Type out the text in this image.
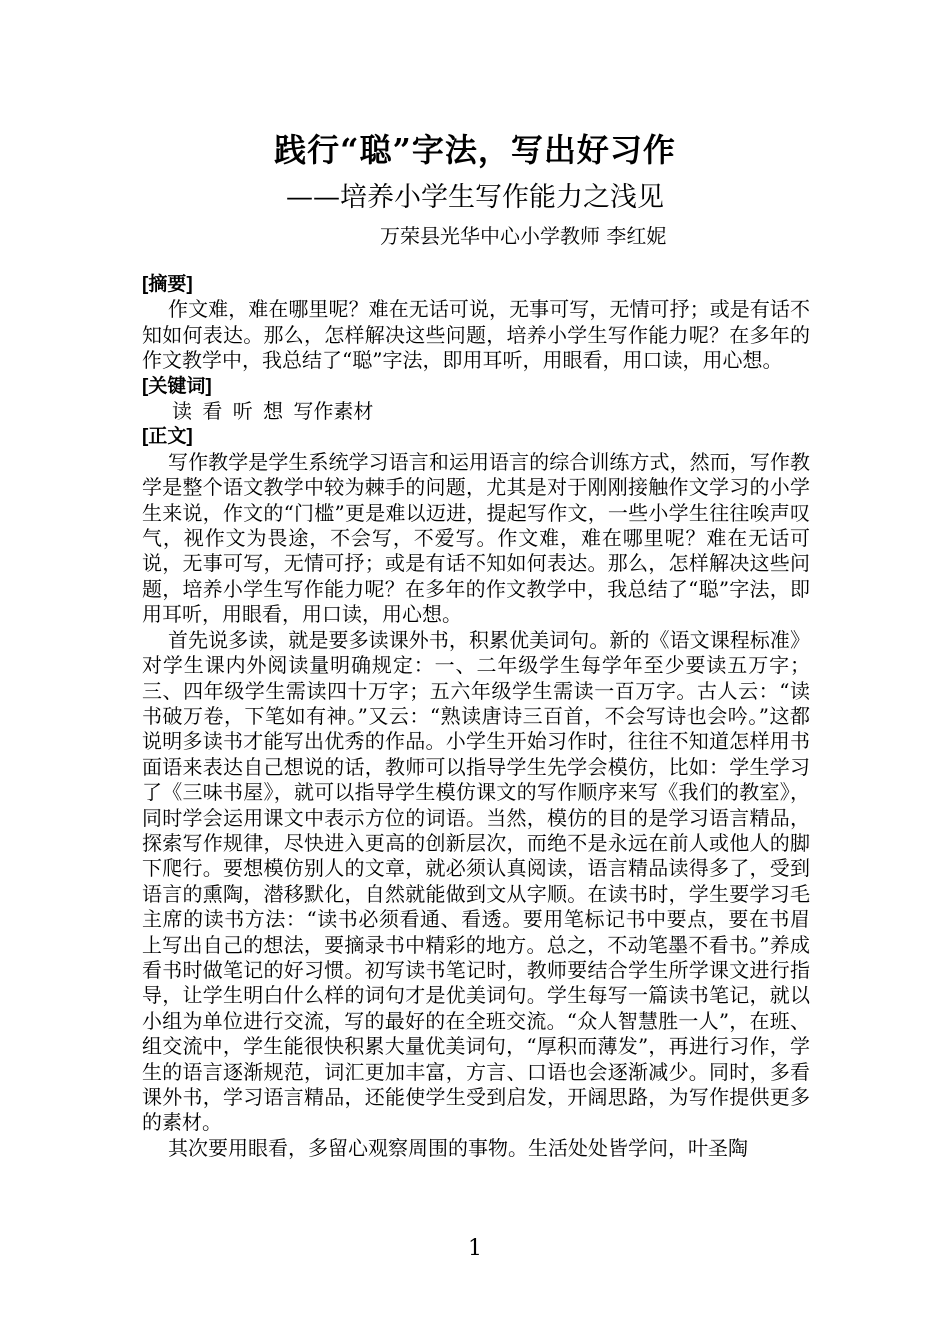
践行“聪”字法，写出好习作
——培养小学生写作能力之浅见
万荣县光华中心小学教师 李红妮
[摘要]

作文难，难在哪里呢？难在无话可说，无事可写，无情可抒；或是有话不知如何表达。那么，怎样解决这些问题，培养小学生写作能力呢？在多年的作文教学中，我总结了“聪”字法，即用耳听，用眼看，用口读，用心想。

[关键词]
读 看 听 想 写作素材
[正文]

写作教学是学生系统学习语言和运用语言的综合训练方式，然而，写作教学是整个语文教学中较为棘手的问题，尤其是对于刚刚接触作文学习的小学生来说，作文的“门槛”更是难以迈进，提起写作文，一些小学生往往唉声叹气，视作文为畏途，不会写，不爱写。作文难，难在哪里呢？难在无话可说，无事可写，无情可抒；或是有话不知如何表达。那么，怎样解决这些问题，培养小学生写作能力呢？在多年的作文教学中，我总结了“聪”字法，即用耳听，用眼看，用口读，用心想。

首先说多读，就是要多读课外书，积累优美词句。新的《语文课程标准》对学生课内外阅读量明确规定：一、二年级学生每学年至少要读五万字；三、四年级学生需读四十万字；五六年级学生需读一百万字。古人云：“读书破万卷，下笔如有神。”又云：“熟读唐诗三百首，不会写诗也会吟。”这都说明多读书才能写出优秀的作品。小学生开始习作时，往往不知道怎样用书面语来表达自己想说的话，教师可以指导学生先学会模仿，比如：学生学习了《三味书屋》，就可以指导学生模仿课文的写作顺序来写《我们的教室》，同时学会运用课文中表示方位的词语。当然，模仿的目的是学习语言精品，探索写作规律，尽快进入更高的创新层次，而绝不是永远在前人或他人的脚下爬行。要想模仿别人的文章，就必须认真阅读，语言精品读得多了，受到语言的熏陶，潜移默化，自然就能做到文从字顺。在读书时，学生要学习毛主席的读书方法：“读书必须看通、看透。要用笔标记书中要点，要在书眉上写出自己的想法，要摘录书中精彩的地方。总之，不动笔墨不看书。”养成看书时做笔记的好习惯。初写读书笔记时，教师要结合学生所学课文进行指导，让学生明白什么样的词句才是优美词句。学生每写一篇读书笔记，就以小组为单位进行交流，写的最好的在全班交流。“众人智慧胜一人”，在班、组交流中，学生能很快积累大量优美词句，“厚积而薄发”，再进行习作，学生的语言逐渐规范，词汇更加丰富，方言、口语也会逐渐减少。同时，多看课外书，学习语言精品，还能使学生受到启发，开阔思路，为写作提供更多的素材。

其次要用眼看，多留心观察周围的事物。生活处处皆学问，叶圣陶

1
